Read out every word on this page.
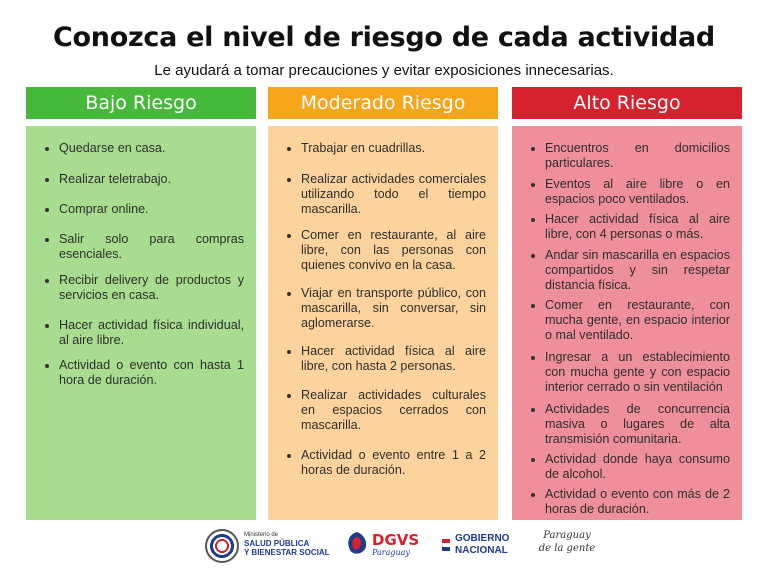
Conozca el nivel de riesgo de cada actividad
Le ayudará a tomar precauciones y evitar exposiciones innecesarias.
Bajo Riesgo	Moderado Riesgo	Alto Riesgo
Quedarse en casa.
Realizar teletrabajo.
Comprar online.
Salir solo para compras esenciales.
Recibir delivery de productos y servicios en casa.
Hacer actividad física individual, al aire libre.
Actividad o evento con hasta 1 hora de duración.
Trabajar en cuadrillas.
Realizar actividades comerciales utilizando todo el tiempo mascarilla.
Comer en restaurante, al aire libre, con las personas con quienes convivo en la casa.
Viajar en transporte público, con mascarilla, sin conversar, sin aglomerarse.
Hacer actividad física al aire libre, con hasta 2 personas.
Realizar actividades culturales en espacios cerrados con mascarilla.
Actividad o evento entre 1 a 2 horas de duración.
Encuentros en domicilios particulares.
Eventos al aire libre o en espacios poco ventilados.
Hacer actividad física al aire libre, con 4 personas o más.
Andar sin mascarilla en espacios compartidos y sin respetar distancia física.
Comer en restaurante, con mucha gente, en espacio interior o mal ventilado.
Ingresar a un establecimiento con mucha gente y con espacio interior cerrado o sin ventilación
Actividades de concurrencia masiva o lugares de alta transmisión comunitaria.
Actividad donde haya consumo de alcohol.
Actividad o evento con más de 2 horas de duración.
Ministerio de
SALUD PÚBLICA
Y BIENESTAR SOCIAL
DGVS
Paraguay
GOBIERNO
NACIONAL
Paraguay
de la gente
